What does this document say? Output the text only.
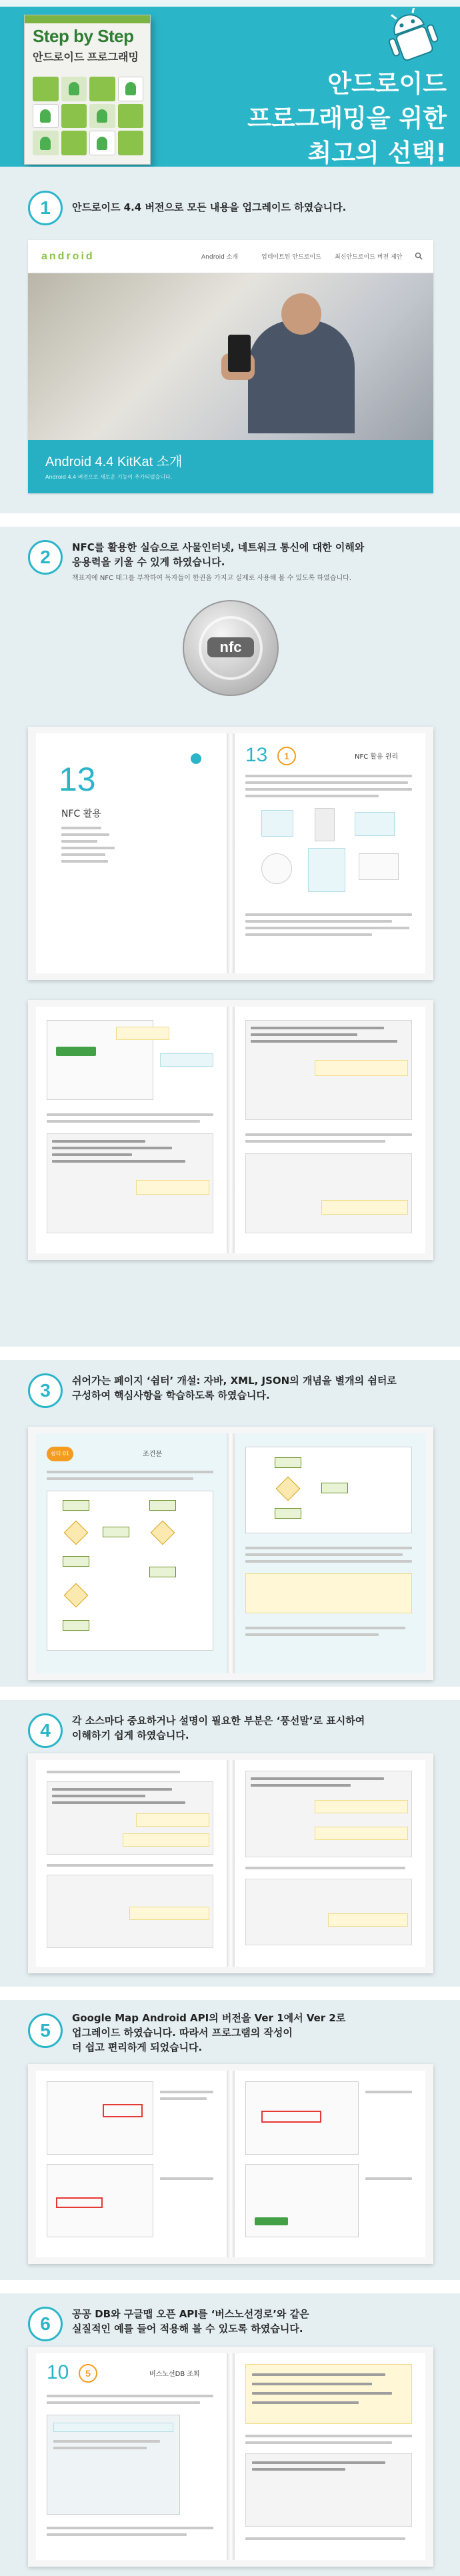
Step by Step
안드로이드 프로그래밍
안드로이드
프로그래밍을 위한
최고의 선택!
1	안드로이드 4.4 버전으로 모든 내용을 업그레이드 하였습니다.
android	Android 소개	업데이트된 안드로이드 최신안드로이드 버전 제안
Android 4.4 KitKat 소개
Android 4.4 버전으로 새로운 기능이 추가되었습니다.
2	NFC를 활용한 실습으로 사물인터넷, 네트워크 통신에 대한 이해와
응용력을 키울 수 있게 하였습니다.
책표지에 NFC 태그를 부착하여 독자들이 한권을 가지고 실제로 사용해 볼 수 있도록 하였습니다.
nfc
13
NFC 활용
13	1	NFC 활용 원리
3	쉬어가는 페이지 ‘쉼터’ 개설: 자바, XML, JSON의 개념을 별개의 쉼터로
구성하여 핵심사항을 학습하도록 하였습니다.
쉼터 01	조건문
4	각 소스마다 중요하거나 설명이 필요한 부분은 ‘풍선말’로 표시하여
이해하기 쉽게 하였습니다.
5
Google Map Android API의 버전을 Ver 1에서 Ver 2로
업그레이드 하였습니다. 따라서 프로그램의 작성이
더 쉽고 편리하게 되었습니다.
6	공공 DB와 구글맵 오픈 API를 ‘버스노선경로’와 같은
실질적인 예를 들어 적용해 볼 수 있도록 하였습니다.
10	5	버스노선DB 조회
